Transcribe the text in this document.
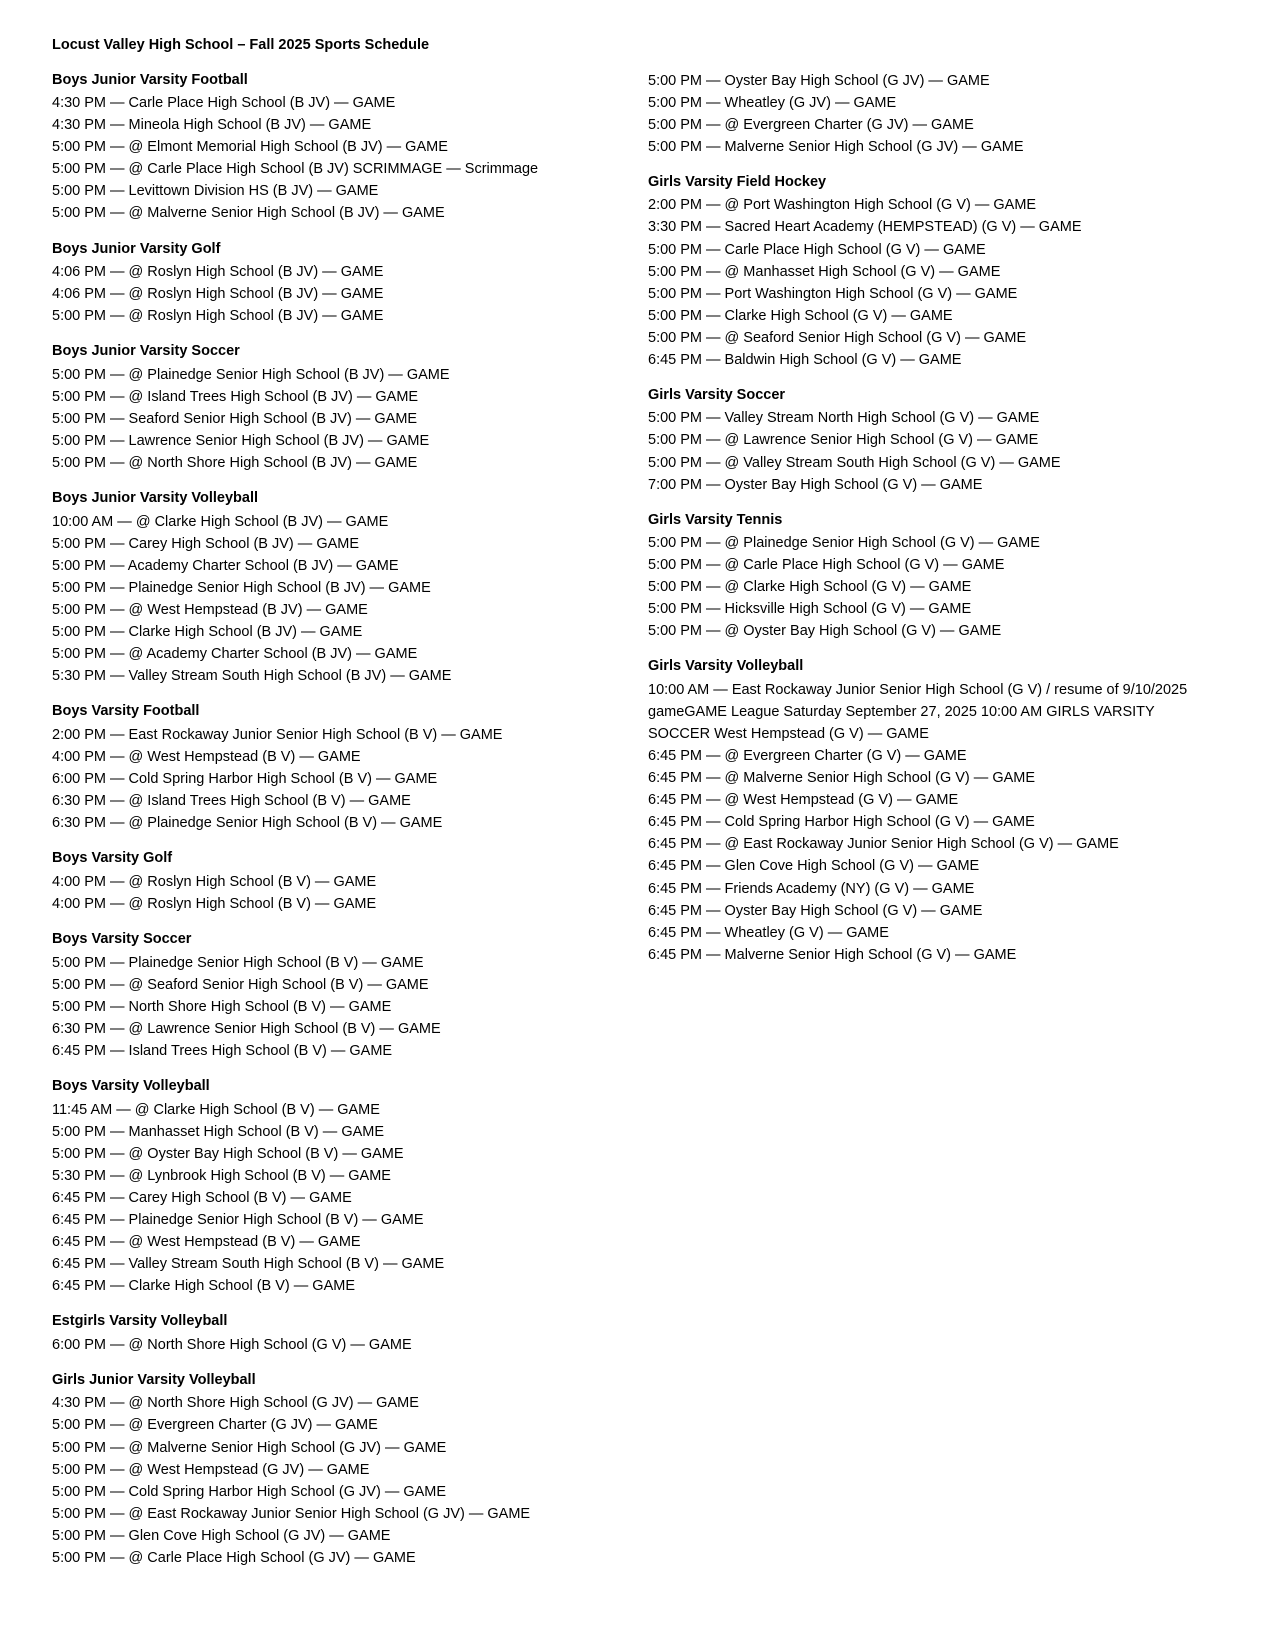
Locust Valley High School – Fall 2025 Sports Schedule
Boys Junior Varsity Football
4:30 PM — Carle Place High School (B JV) — GAME
4:30 PM — Mineola High School (B JV) — GAME
5:00 PM — @ Elmont Memorial High School (B JV) — GAME
5:00 PM — @ Carle Place High School (B JV) SCRIMMAGE — Scrimmage
5:00 PM — Levittown Division HS (B JV) — GAME
5:00 PM — @ Malverne Senior High School (B JV) — GAME
Boys Junior Varsity Golf
4:06 PM — @ Roslyn High School (B JV) — GAME
4:06 PM — @ Roslyn High School (B JV) — GAME
5:00 PM — @ Roslyn High School (B JV) — GAME
Boys Junior Varsity Soccer
5:00 PM — @ Plainedge Senior High School (B JV) — GAME
5:00 PM — @ Island Trees High School (B JV) — GAME
5:00 PM — Seaford Senior High School (B JV) — GAME
5:00 PM — Lawrence Senior High School (B JV) — GAME
5:00 PM — @ North Shore High School (B JV) — GAME
Boys Junior Varsity Volleyball
10:00 AM — @ Clarke High School (B JV) — GAME
5:00 PM — Carey High School (B JV) — GAME
5:00 PM — Academy Charter School (B JV) — GAME
5:00 PM — Plainedge Senior High School (B JV) — GAME
5:00 PM — @ West Hempstead (B JV) — GAME
5:00 PM — Clarke High School (B JV) — GAME
5:00 PM — @ Academy Charter School (B JV) — GAME
5:30 PM — Valley Stream South High School (B JV) — GAME
Boys Varsity Football
2:00 PM — East Rockaway Junior Senior High School (B V) — GAME
4:00 PM — @ West Hempstead (B V) — GAME
6:00 PM — Cold Spring Harbor High School (B V) — GAME
6:30 PM — @ Island Trees High School (B V) — GAME
6:30 PM — @ Plainedge Senior High School (B V) — GAME
Boys Varsity Golf
4:00 PM — @ Roslyn High School (B V) — GAME
4:00 PM — @ Roslyn High School (B V) — GAME
Boys Varsity Soccer
5:00 PM — Plainedge Senior High School (B V) — GAME
5:00 PM — @ Seaford Senior High School (B V) — GAME
5:00 PM — North Shore High School (B V) — GAME
6:30 PM — @ Lawrence Senior High School (B V) — GAME
6:45 PM — Island Trees High School (B V) — GAME
Boys Varsity Volleyball
11:45 AM — @ Clarke High School (B V) — GAME
5:00 PM — Manhasset High School (B V) — GAME
5:00 PM — @ Oyster Bay High School (B V) — GAME
5:30 PM — @ Lynbrook High School (B V) — GAME
6:45 PM — Carey High School (B V) — GAME
6:45 PM — Plainedge Senior High School (B V) — GAME
6:45 PM — @ West Hempstead (B V) — GAME
6:45 PM — Valley Stream South High School (B V) — GAME
6:45 PM — Clarke High School (B V) — GAME
Estgirls Varsity Volleyball
6:00 PM — @ North Shore High School (G V) — GAME
Girls Junior Varsity Volleyball
4:30 PM — @ North Shore High School (G JV) — GAME
5:00 PM — @ Evergreen Charter (G JV) — GAME
5:00 PM — @ Malverne Senior High School (G JV) — GAME
5:00 PM — @ West Hempstead (G JV) — GAME
5:00 PM — Cold Spring Harbor High School (G JV) — GAME
5:00 PM — @ East Rockaway Junior Senior High School (G JV) — GAME
5:00 PM — Glen Cove High School (G JV) — GAME
5:00 PM — @ Carle Place High School (G JV) — GAME
5:00 PM — Oyster Bay High School (G JV) — GAME
5:00 PM — Wheatley (G JV) — GAME
5:00 PM — @ Evergreen Charter (G JV) — GAME
5:00 PM — Malverne Senior High School (G JV) — GAME
Girls Varsity Field Hockey
2:00 PM — @ Port Washington High School (G V) — GAME
3:30 PM — Sacred Heart Academy (HEMPSTEAD) (G V) — GAME
5:00 PM — Carle Place High School (G V) — GAME
5:00 PM — @ Manhasset High School (G V) — GAME
5:00 PM — Port Washington High School (G V) — GAME
5:00 PM — Clarke High School (G V) — GAME
5:00 PM — @ Seaford Senior High School (G V) — GAME
6:45 PM — Baldwin High School (G V) — GAME
Girls Varsity Soccer
5:00 PM — Valley Stream North High School (G V) — GAME
5:00 PM — @ Lawrence Senior High School (G V) — GAME
5:00 PM — @ Valley Stream South High School (G V) — GAME
7:00 PM — Oyster Bay High School (G V) — GAME
Girls Varsity Tennis
5:00 PM — @ Plainedge Senior High School (G V) — GAME
5:00 PM — @ Carle Place High School (G V) — GAME
5:00 PM — @ Clarke High School (G V) — GAME
5:00 PM — Hicksville High School (G V) — GAME
5:00 PM — @ Oyster Bay High School (G V) — GAME
Girls Varsity Volleyball
10:00 AM — East Rockaway Junior Senior High School (G V) / resume of 9/10/2025 gameGAME League Saturday September 27, 2025 10:00 AM GIRLS VARSITY SOCCER West Hempstead (G V) — GAME
6:45 PM — @ Evergreen Charter (G V) — GAME
6:45 PM — @ Malverne Senior High School (G V) — GAME
6:45 PM — @ West Hempstead (G V) — GAME
6:45 PM — Cold Spring Harbor High School (G V) — GAME
6:45 PM — @ East Rockaway Junior Senior High School (G V) — GAME
6:45 PM — Glen Cove High School (G V) — GAME
6:45 PM — Friends Academy (NY) (G V) — GAME
6:45 PM — Oyster Bay High School (G V) — GAME
6:45 PM — Wheatley (G V) — GAME
6:45 PM — Malverne Senior High School (G V) — GAME
